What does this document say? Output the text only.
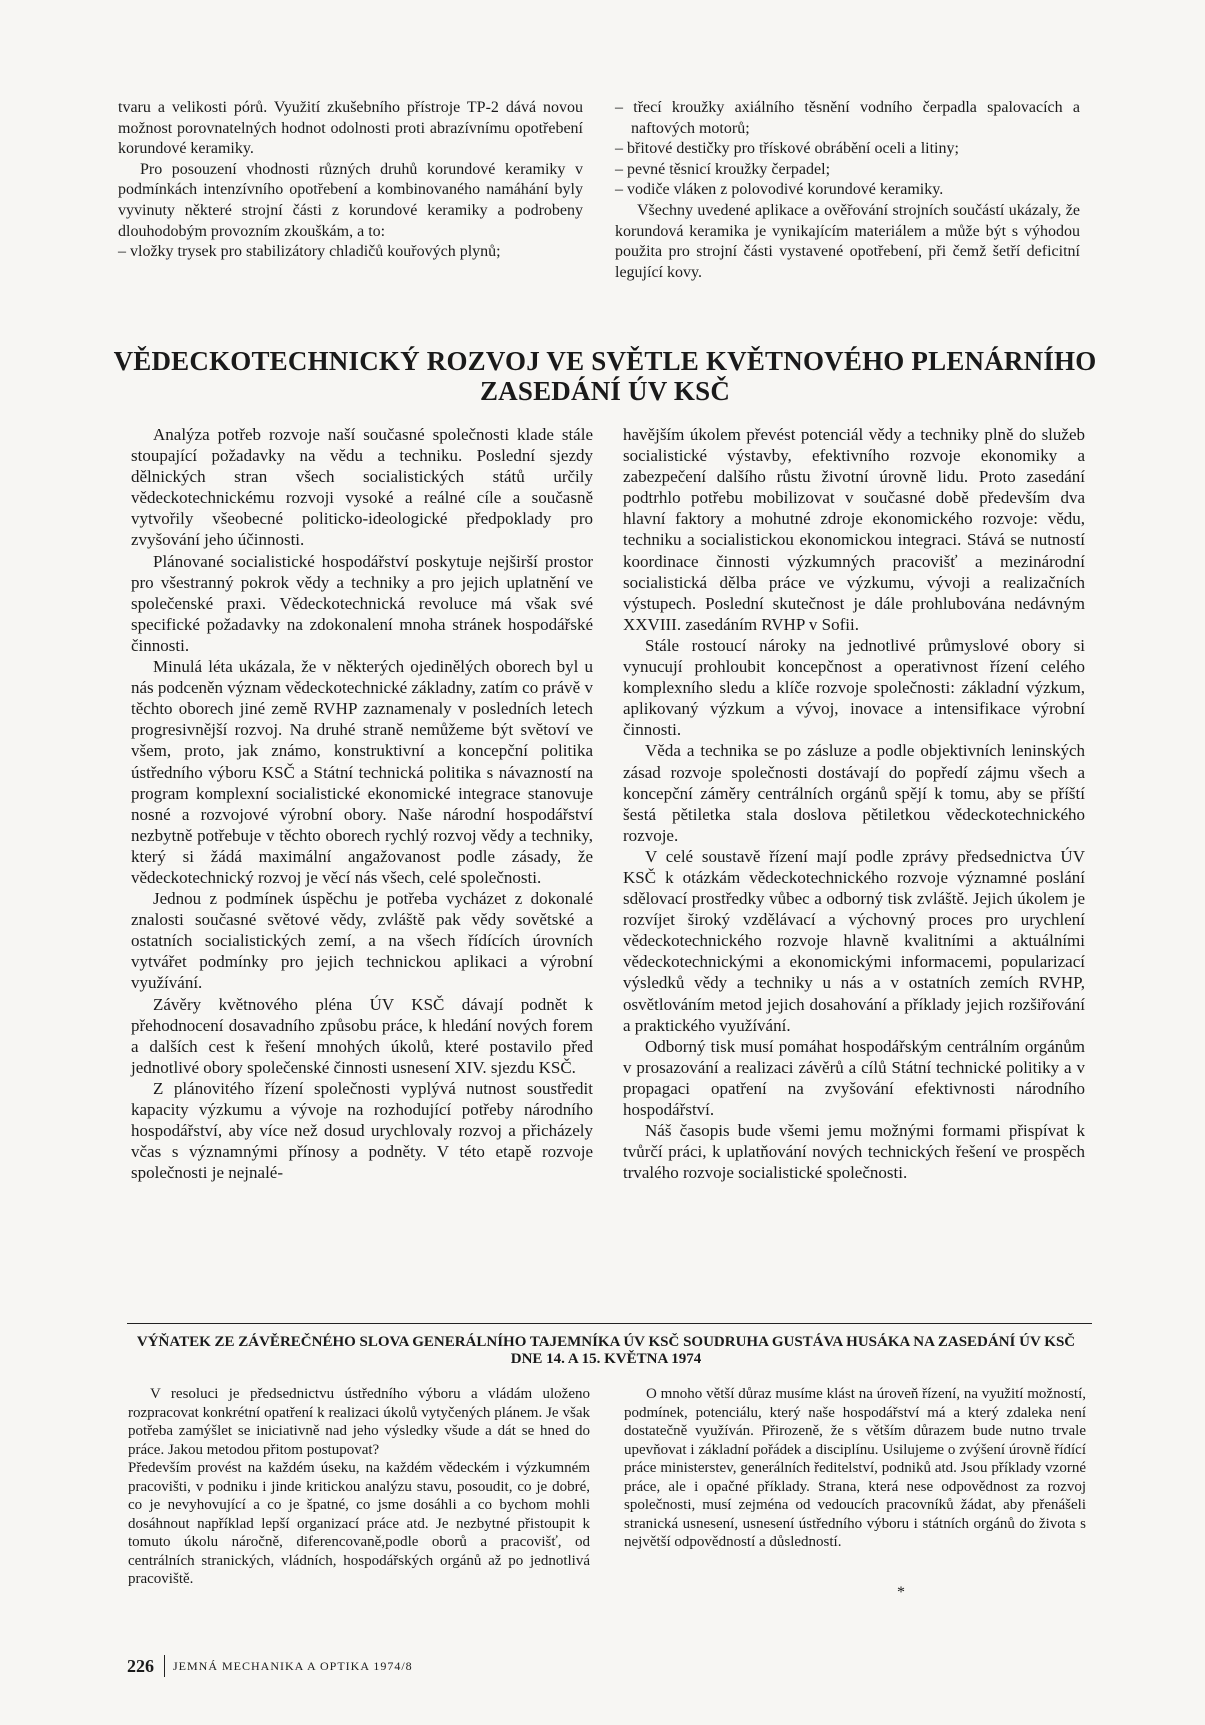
tvaru a velikosti pórů. Využití zkušebního přístroje TP-2 dává novou možnost porovnatelných hodnot odolnosti proti abrazívnímu opotřebení korundové keramiky.

Pro posouzení vhodnosti různých druhů korundové keramiky v podmínkách intenzívního opotřebení a kombinovaného namáhání byly vyvinuty některé strojní části z korundové keramiky a podrobeny dlouhodobým provozním zkouškám, a to:

– vložky trysek pro stabilizátory chladičů kouřových plynů;

– třecí kroužky axiálního těsnění vodního čerpadla spalovacích a naftových motorů;

– břitové destičky pro třískové obrábění oceli a litiny;

– pevné těsnicí kroužky čerpadel;

– vodiče vláken z polovodivé korundové keramiky.

Všechny uvedené aplikace a ověřování strojních součástí ukázaly, že korundová keramika je vynikajícím materiálem a může být s výhodou použita pro strojní části vystavené opotřebení, při čemž šetří deficitní legující kovy.

VĚDECKOTECHNICKÝ ROZVOJ VE SVĚTLE KVĚTNOVÉHO PLENÁRNÍHO ZASEDÁNÍ ÚV KSČ

Analýza potřeb rozvoje naší současné společnosti klade stále stoupající požadavky na vědu a techniku. Poslední sjezdy dělnických stran všech socialistických států určily vědeckotechnickému rozvoji vysoké a reálné cíle a současně vytvořily všeobecné politicko-ideologické předpoklady pro zvyšování jeho účinnosti.

Plánované socialistické hospodářství poskytuje nejširší prostor pro všestranný pokrok vědy a techniky a pro jejich uplatnění ve společenské praxi. Vědeckotechnická revoluce má však své specifické požadavky na zdokonalení mnoha stránek hospodářské činnosti.

Minulá léta ukázala, že v některých ojedinělých oborech byl u nás podceněn význam vědeckotechnické základny, zatím co právě v těchto oborech jiné země RVHP zaznamenaly v posledních letech progresivnější rozvoj. Na druhé straně nemůžeme být světoví ve všem, proto, jak známo, konstruktivní a koncepční politika ústředního výboru KSČ a Státní technická politika s návazností na program komplexní socialistické ekonomické integrace stanovuje nosné a rozvojové výrobní obory. Naše národní hospodářství nezbytně potřebuje v těchto oborech rychlý rozvoj vědy a techniky, který si žádá maximální angažovanost podle zásady, že vědeckotechnický rozvoj je věcí nás všech, celé společnosti.

Jednou z podmínek úspěchu je potřeba vycházet z dokonalé znalosti současné světové vědy, zvláště pak vědy sovětské a ostatních socialistických zemí, a na všech řídících úrovních vytvářet podmínky pro jejich technickou aplikaci a výrobní využívání.

Závěry květnového pléna ÚV KSČ dávají podnět k přehodnocení dosavadního způsobu práce, k hledání nových forem a dalších cest k řešení mnohých úkolů, které postavilo před jednotlivé obory společenské činnosti usnesení XIV. sjezdu KSČ.

Z plánovitého řízení společnosti vyplývá nutnost soustředit kapacity výzkumu a vývoje na rozhodující potřeby národního hospodářství, aby více než dosud urychlovaly rozvoj a přicházely včas s významnými přínosy a podněty. V této etapě rozvoje společnosti je nejnalé-

havějším úkolem převést potenciál vědy a techniky plně do služeb socialistické výstavby, efektivního rozvoje ekonomiky a zabezpečení dalšího růstu životní úrovně lidu. Proto zasedání podtrhlo potřebu mobilizovat v současné době především dva hlavní faktory a mohutné zdroje ekonomického rozvoje: vědu, techniku a socialistickou ekonomickou integraci. Stává se nutností koordinace činnosti výzkumných pracovišť a mezinárodní socialistická dělba práce ve výzkumu, vývoji a realizačních výstupech. Poslední skutečnost je dále prohlubována nedávným XXVIII. zasedáním RVHP v Sofii.

Stále rostoucí nároky na jednotlivé průmyslové obory si vynucují prohloubit koncepčnost a operativnost řízení celého komplexního sledu a klíče rozvoje společnosti: základní výzkum, aplikovaný výzkum a vývoj, inovace a intensifikace výrobní činnosti.

Věda a technika se po zásluze a podle objektivních leninských zásad rozvoje společnosti dostávají do popředí zájmu všech a koncepční záměry centrálních orgánů spějí k tomu, aby se příští šestá pětiletka stala doslova pětiletkou vědeckotechnického rozvoje.

V celé soustavě řízení mají podle zprávy předsednictva ÚV KSČ k otázkám vědeckotechnického rozvoje významné poslání sdělovací prostředky vůbec a odborný tisk zvláště. Jejich úkolem je rozvíjet široký vzdělávací a výchovný proces pro urychlení vědeckotechnického rozvoje hlavně kvalitními a aktuálními vědeckotechnickými a ekonomickými informacemi, popularizací výsledků vědy a techniky u nás a v ostatních zemích RVHP, osvětlováním metod jejich dosahování a příklady jejich rozšiřování a praktického využívání.

Odborný tisk musí pomáhat hospodářským centrálním orgánům v prosazování a realizaci závěrů a cílů Státní technické politiky a v propagaci opatření na zvyšování efektivnosti národního hospodářství.

Náš časopis bude všemi jemu možnými formami přispívat k tvůrčí práci, k uplatňování nových technických řešení ve prospěch trvalého rozvoje socialistické společnosti.

VÝŇATEK ZE ZÁVĚREČNÉHO SLOVA GENERÁLNÍHO TAJEMNÍKA ÚV KSČ SOUDRUHA GUSTÁVA HUSÁKA NA ZASEDÁNÍ ÚV KSČ DNE 14. A 15. KVĚTNA 1974

V resoluci je předsednictvu ústředního výboru a vládám uloženo rozpracovat konkrétní opatření k realizaci úkolů vytyčených plánem. Je však potřeba zamýšlet se iniciativně nad jeho výsledky všude a dát se hned do práce. Jakou metodou přitom postupovat?

Především provést na každém úseku, na každém vědeckém i výzkumném pracovišti, v podniku i jinde kritickou analýzu stavu, posoudit, co je dobré, co je nevyhovující a co je špatné, co jsme dosáhli a co bychom mohli dosáhnout například lepší organizací práce atd. Je nezbytné přistoupit k tomuto úkolu náročně, diferencovaně,podle oborů a pracovišť, od centrálních stranických, vládních, hospodářských orgánů až po jednotlivá pracoviště.

O mnoho větší důraz musíme klást na úroveň řízení, na využití možností, podmínek, potenciálu, který naše hospodářství má a který zdaleka není dostatečně využíván. Přirozeně, že s větším důrazem bude nutno trvale upevňovat i základní pořádek a disciplínu. Usilujeme o zvýšení úrovně řídící práce ministerstev, generálních ředitelství, podniků atd. Jsou příklady vzorné práce, ale i opačné příklady. Strana, která nese odpovědnost za rozvoj společnosti, musí zejména od vedoucích pracovníků žádat, aby přenášeli stranická usnesení, usnesení ústředního výboru i státních orgánů do života s největší odpovědností a důsledností.

*
226 JEMNÁ MECHANIKA A OPTIKA 1974/8
